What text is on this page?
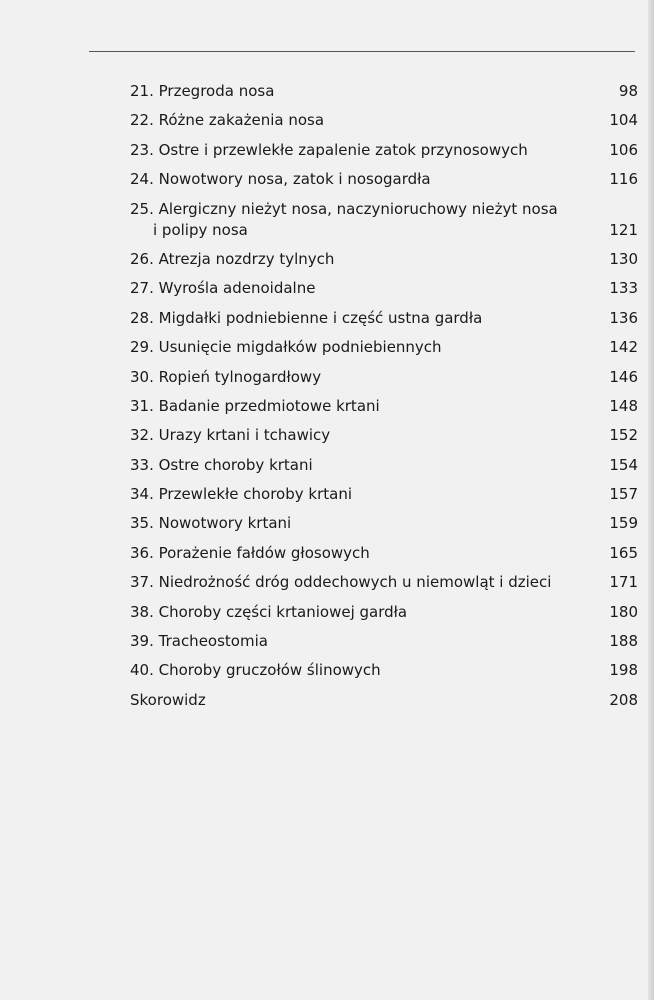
21. Przegroda nosa	98
22. Różne zakażenia nosa	104
23. Ostre i przewlekłe zapalenie zatok przynosowych	106
24. Nowotwory nosa, zatok i nosogardła	116
25. Alergiczny nieżyt nosa, naczynioruchowy nieżyt nosa
i polipy nosa	121
26. Atrezja nozdrzy tylnych	130
27. Wyrośla adenoidalne	133
28. Migdałki podniebienne i część ustna gardła	136
29. Usunięcie migdałków podniebiennych	142
30. Ropień tylnogardłowy	146
31. Badanie przedmiotowe krtani	148
32. Urazy krtani i tchawicy	152
33. Ostre choroby krtani	154
34. Przewlekłe choroby krtani	157
35. Nowotwory krtani	159
36. Porażenie fałdów głosowych	165
37. Niedrożność dróg oddechowych u niemowląt i dzieci	171
38. Choroby części krtaniowej gardła	180
39. Tracheostomia	188
40. Choroby gruczołów ślinowych	198
Skorowidz	208
